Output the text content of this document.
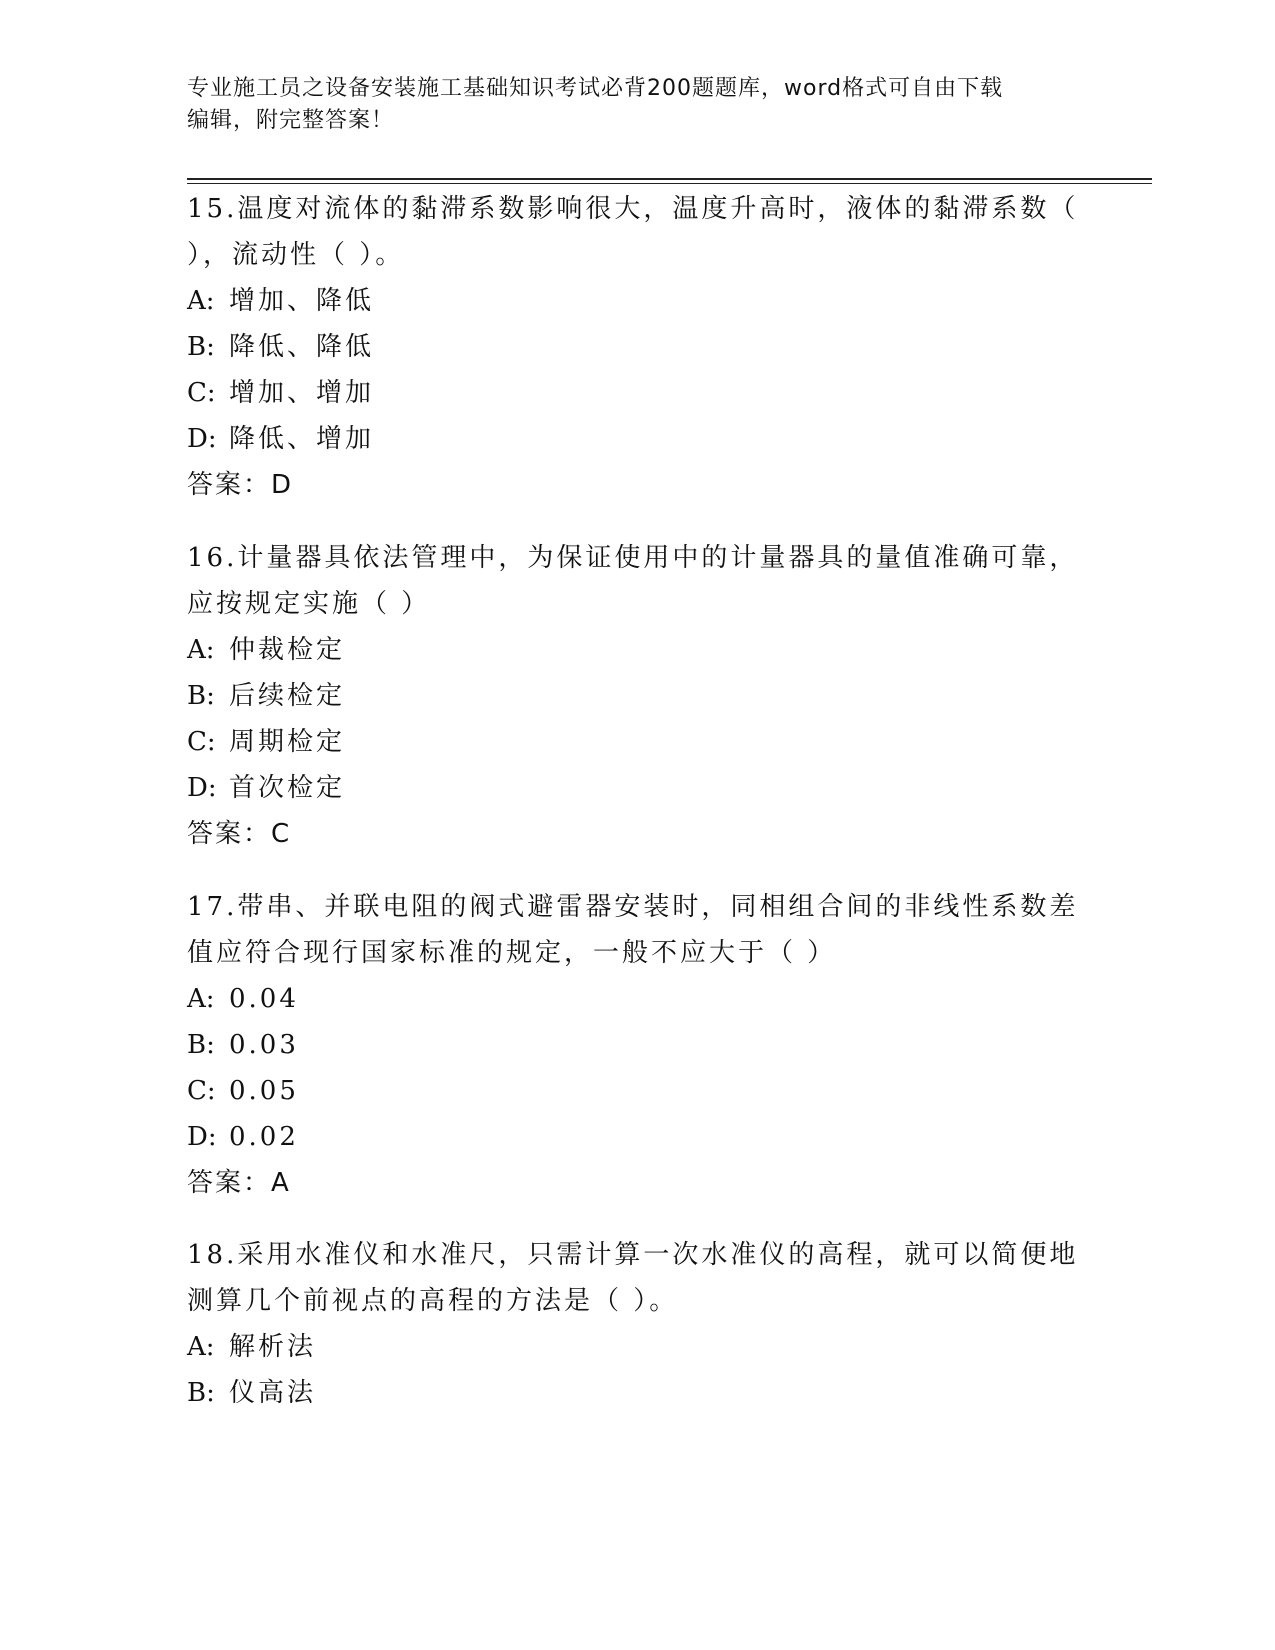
专业施工员之设备安装施工基础知识考试必背200题题库，word格式可自由下载
编辑，附完整答案！
15.温度对流体的黏滞系数影响很大，温度升高时，液体的黏滞系数（
），流动性（ ）。
A: 增加、降低
B: 降低、降低
C: 增加、增加
D: 降低、增加
答案：D
16.计量器具依法管理中，为保证使用中的计量器具的量值准确可靠，
应按规定实施（ ）
A: 仲裁检定
B: 后续检定
C: 周期检定
D: 首次检定
答案：C
17.带串、并联电阻的阀式避雷器安装时，同相组合间的非线性系数差
值应符合现行国家标准的规定，一般不应大于（ ）
A: 0.04
B: 0.03
C: 0.05
D: 0.02
答案：A
18.采用水准仪和水准尺，只需计算一次水准仪的高程，就可以简便地
测算几个前视点的高程的方法是（ ）。
A: 解析法
B: 仪高法
